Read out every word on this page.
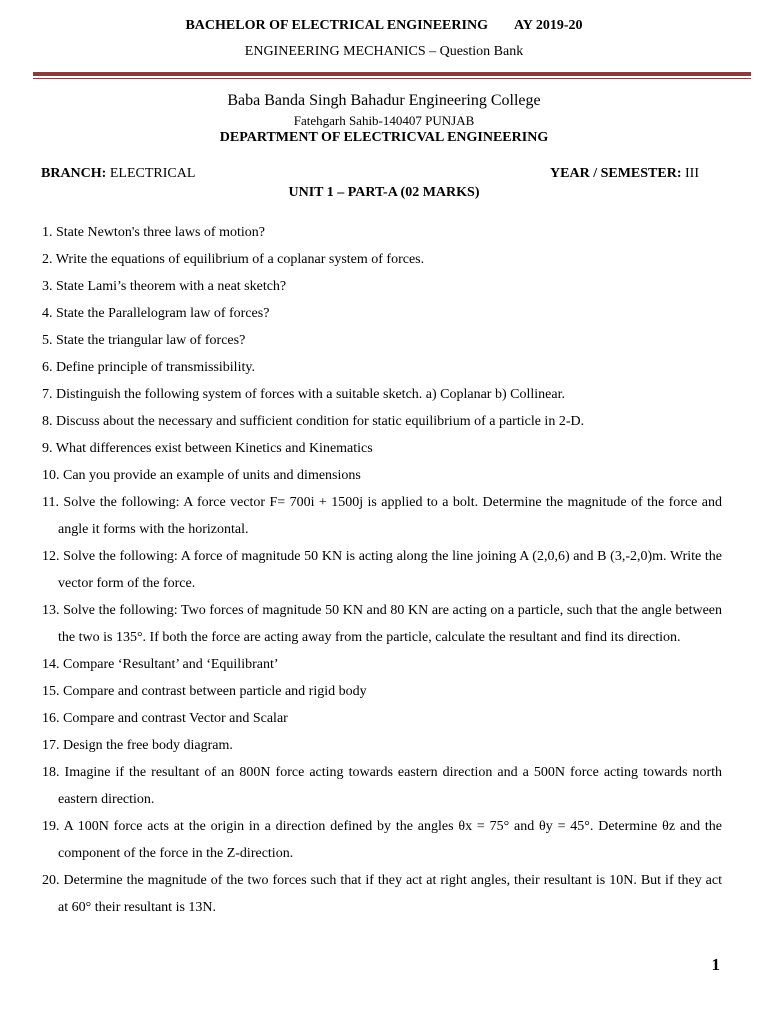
BACHELOR OF ELECTRICAL ENGINEERING AY 2019-20
ENGINEERING MECHANICS – Question Bank
Baba Banda Singh Bahadur Engineering College
Fatehgarh Sahib-140407 PUNJAB
DEPARTMENT OF ELECTRICVAL ENGINEERING
BRANCH: ELECTRICAL	YEAR / SEMESTER: III
UNIT 1 – PART-A (02 MARKS)
1. State Newton's three laws of motion?
2. Write the equations of equilibrium of a coplanar system of forces.
3. State Lami’s theorem with a neat sketch?
4. State the Parallelogram law of forces?
5. State the triangular law of forces?
6. Define principle of transmissibility.
7. Distinguish the following system of forces with a suitable sketch. a) Coplanar b) Collinear.
8. Discuss about the necessary and sufficient condition for static equilibrium of a particle in 2-D.
9. What differences exist between Kinetics and Kinematics
10. Can you provide an example of units and dimensions
11. Solve the following: A force vector F= 700i + 1500j is applied to a bolt. Determine the magnitude of the force and angle it forms with the horizontal.
12. Solve the following: A force of magnitude 50 KN is acting along the line joining A (2,0,6) and B (3,-2,0)m. Write the vector form of the force.
13. Solve the following: Two forces of magnitude 50 KN and 80 KN are acting on a particle, such that the angle between the two is 135°. If both the force are acting away from the particle, calculate the resultant and find its direction.
14. Compare ‘Resultant’ and ‘Equilibrant’
15. Compare and contrast between particle and rigid body
16. Compare and contrast Vector and Scalar
17. Design the free body diagram.
18. Imagine if the resultant of an 800N force acting towards eastern direction and a 500N force acting towards north eastern direction.
19. A 100N force acts at the origin in a direction defined by the angles θx = 75° and θy = 45°. Determine θz and the component of the force in the Z-direction.
20. Determine the magnitude of the two forces such that if they act at right angles, their resultant is 10N. But if they act at 60° their resultant is 13N.
1
